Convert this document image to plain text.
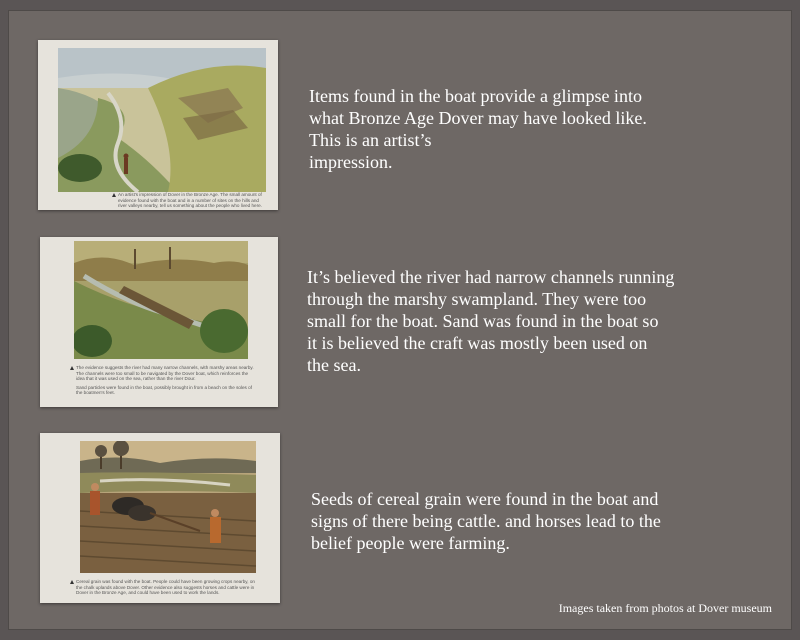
An artist's impression of Dover in the Bronze Age. The small amount of evidence found with the boat and in a number of sites on the hills and river valleys nearby, tell us something about the people who lived here.
Items found in the boat provide a glimpse into
what Bronze Age Dover may have looked like.
This is an artist’s
impression.
The evidence suggests the river had many narrow channels, with marshy areas nearby. The channels were too small to be navigated by the Dover boat, which reinforces the idea that it was used on the sea, rather than the river Dour.
Sand particles were found in the boat, possibly brought in from a beach on the soles of the boatmen's feet.
It’s believed the river had narrow channels running
through the marshy swampland. They were too
small for the boat. Sand was found in the boat so
it is believed the craft was mostly been used on
the sea.
Cereal grain was found with the boat. People could have been growing crops nearby, on the chalk uplands above Dover. Other evidence also suggests horses and cattle were in Dover in the Bronze Age, and could have been used to work the lands.
Seeds of cereal grain were found in the boat and
signs of there being cattle. and horses lead to the
belief people were farming.
Images taken from photos at Dover museum
